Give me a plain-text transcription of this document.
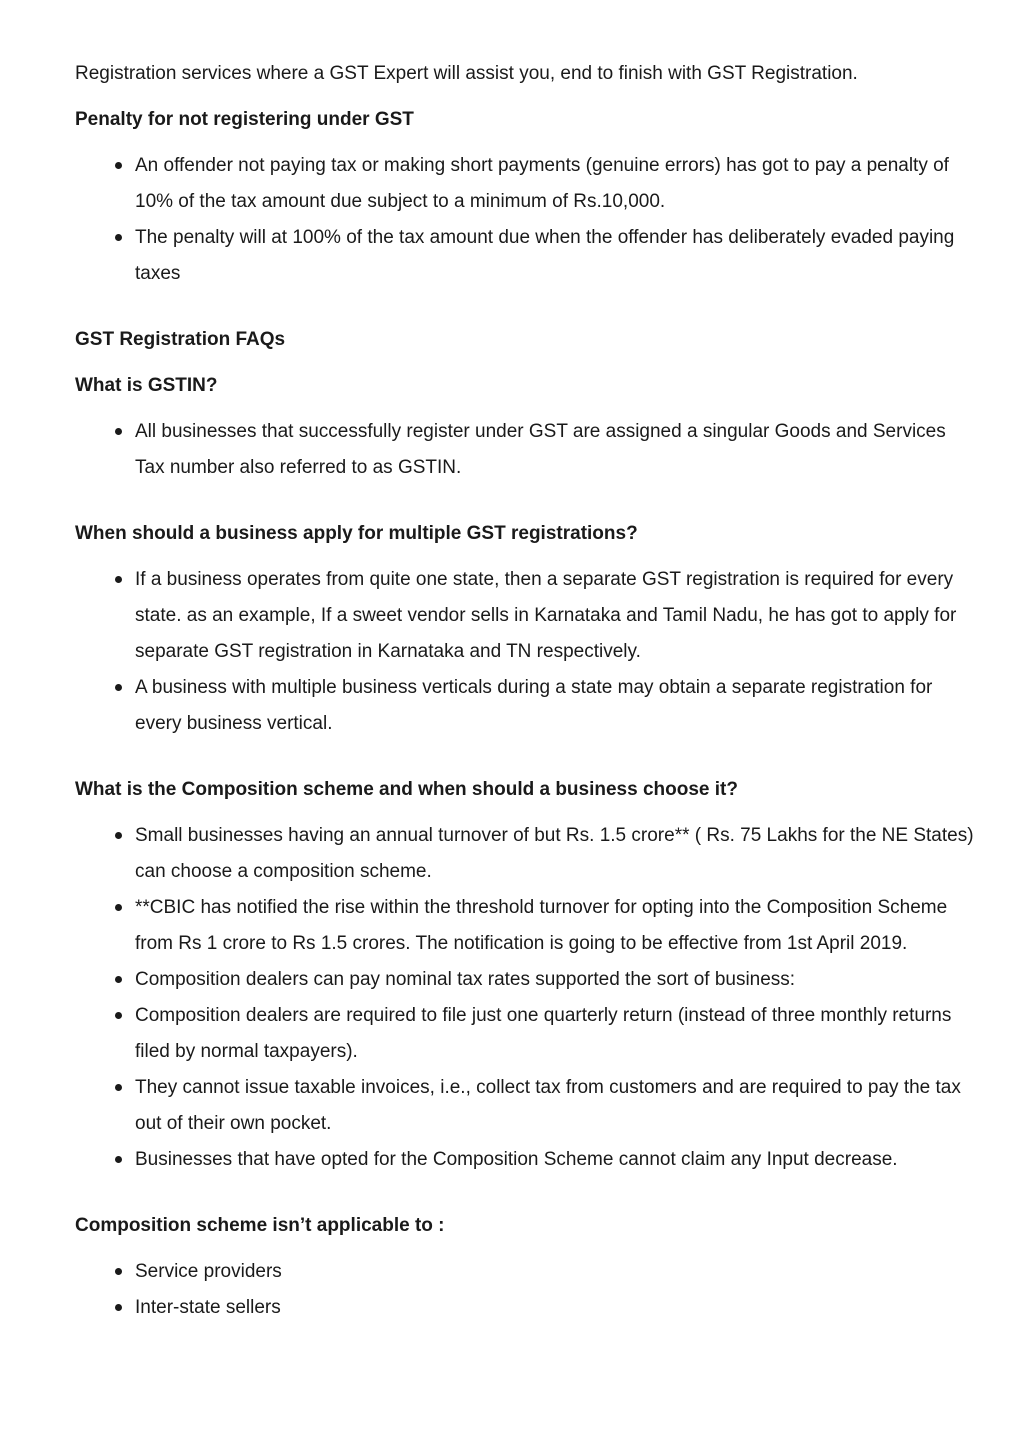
Registration services where a GST Expert will assist you, end to finish with GST Registration.

Penalty for not registering under GST
An offender not paying tax or making short payments (genuine errors) has got to pay a penalty of 10% of the tax amount due subject to a minimum of Rs.10,000.
The penalty will at 100% of the tax amount due when the offender has deliberately evaded paying taxes
GST Registration FAQs
What is GSTIN?
All businesses that successfully register under GST are assigned a singular Goods and Services Tax number also referred to as GSTIN.
When should a business apply for multiple GST registrations?
If a business operates from quite one state, then a separate GST registration is required for every state. as an example, If a sweet vendor sells in Karnataka and Tamil Nadu, he has got to apply for separate GST registration in Karnataka and TN respectively.
A business with multiple business verticals during a state may obtain a separate registration for every business vertical.
What is the Composition scheme and when should a business choose it?
Small businesses having an annual turnover of but Rs. 1.5 crore** ( Rs. 75 Lakhs for the NE States) can choose a composition scheme.
**CBIC has notified the rise within the threshold turnover for opting into the Composition Scheme from Rs 1 crore to Rs 1.5 crores. The notification is going to be effective from 1st April 2019.
Composition dealers can pay nominal tax rates supported the sort of business:
Composition dealers are required to file just one quarterly return (instead of three monthly returns filed by normal taxpayers).
They cannot issue taxable invoices, i.e., collect tax from customers and are required to pay the tax out of their own pocket.
Businesses that have opted for the Composition Scheme cannot claim any Input decrease.
Composition scheme isn’t applicable to :
Service providers
Inter-state sellers
